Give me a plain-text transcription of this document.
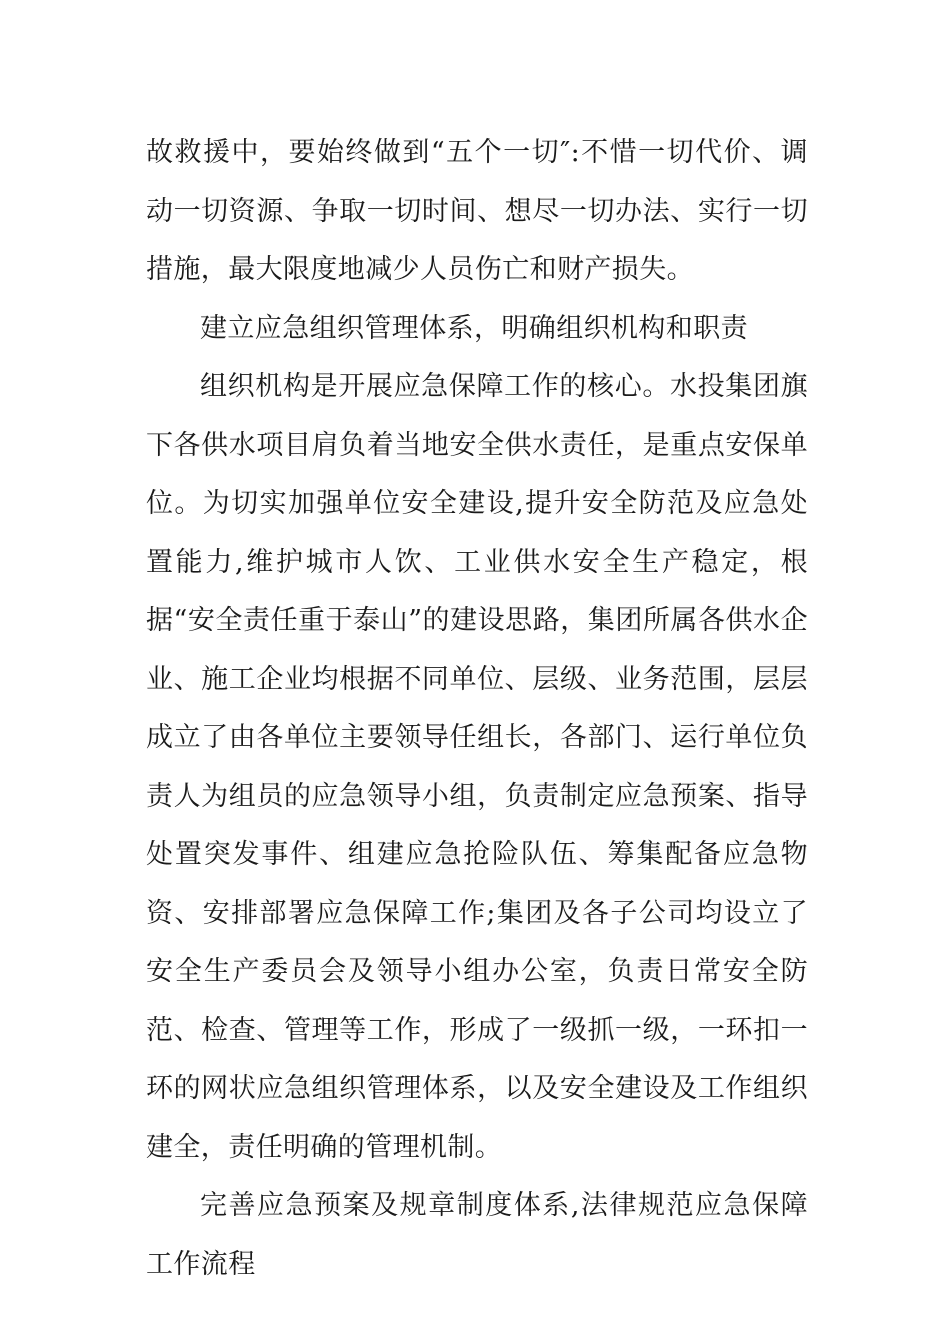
故救援中，要始终做到“五个一切″:不惜一切代价、调动一切资源、争取一切时间、想尽一切办法、实行一切措施，最大限度地减少人员伤亡和财产损失。

建立应急组织管理体系，明确组织机构和职责

组织机构是开展应急保障工作的核心。水投集团旗下各供水项目肩负着当地安全供水责任，是重点安保单位。为切实加强单位安全建设,提升安全防范及应急处置能力,维护城市人饮、工业供水安全生产稳定，根据“安全责任重于泰山”的建设思路，集团所属各供水企业、施工企业均根据不同单位、层级、业务范围，层层成立了由各单位主要领导任组长，各部门、运行单位负责人为组员的应急领导小组，负责制定应急预案、指导处置突发事件、组建应急抢险队伍、筹集配备应急物资、安排部署应急保障工作;集团及各子公司均设立了安全生产委员会及领导小组办公室，负责日常安全防范、检查、管理等工作，形成了一级抓一级，一环扣一环的网状应急组织管理体系，以及安全建设及工作组织建全，责任明确的管理机制。

完善应急预案及规章制度体系,法律规范应急保障工作流程
